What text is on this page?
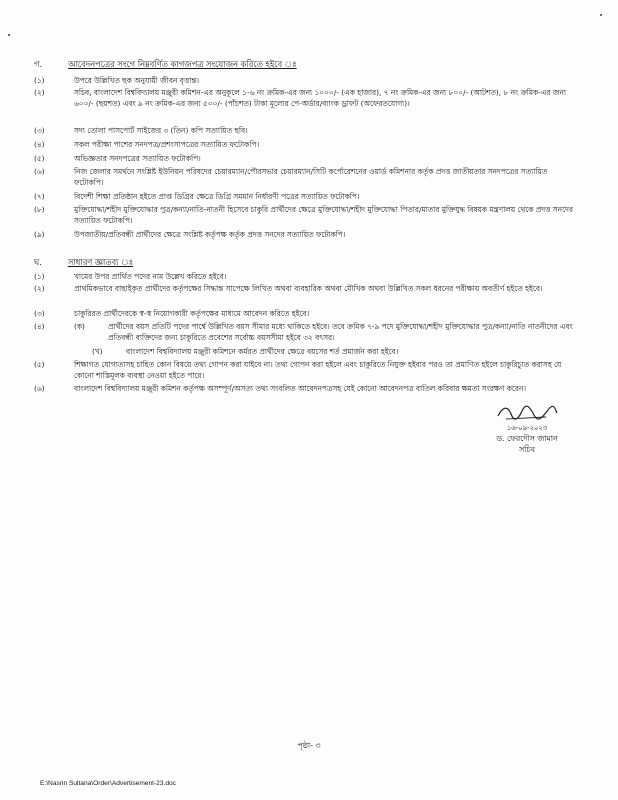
গ.	আবেদনপত্রের সংগে নিম্নবর্ণিত কাগজপত্র সংযোজন করিতে হইবে ঃ
(১)	উপরে উল্লিখিত ছক অনুযায়ী জীবন বৃত্তান্ত।
(২)	সচিব, বাংলাদেশ বিশ্ববিদ্যালয় মঞ্জুরী কমিশন-এর অনুকূলে ১-৬ নং ক্রমিক-এর জন্য ১০০০/- (এক হাজার), ৭ নং ক্রমিক-এর জন্য ৮০০/- (আটশত), ৮ নং ক্রমিক-এর জন্য ৬০০/- (ছয়শত) এবং ৯ নং ক্রমিক-এর জন্য ৫০০/- (পাঁচশত) টাকা মূল্যের পে-অর্ডার/ব্যাংক ড্রাফট (অফেরতযোগ্য)।
(৩)	সদ্য তোলা পাসপোর্ট সাইজের ৩ (তিন) কপি সত্যায়িত ছবি।
(৪)	সকল পরীক্ষা পাশের সনদপত্র/প্রশংসাপত্রের সত্যায়িত ফটোকপি।
(৫)	অভিজ্ঞতার সনদপত্রের সত্যায়িত ফটোকপি।
(৬)	নিজ জেলার সমর্থনে সংশ্লিষ্ট ইউনিয়ন পরিষদের চেয়ারম্যান/পৌরসভার চেয়ারম্যান/সিটি কর্পোরেশনের ওয়ার্ড কমিশনার কর্তৃক প্রদত্ত জাতীয়তার সনদপত্রের সত্যায়িত ফটোকপি।
(৭)	বিদেশী শিক্ষা প্রতিষ্ঠান হইতে প্রাপ্ত ডিগ্রির ক্ষেত্রে ডিগ্রি সমমান নির্ধারণী পত্রের সত্যায়িত ফটোকপি।
(৮)	মুক্তিযোদ্ধা/শহীদ মুক্তিযোদ্ধার পুত্র/কন্যা/নাতি-নাতনী হিসেবে চাকুরি প্রার্থীদের ক্ষেত্রে মুক্তিযোদ্ধা/শহীদ মুক্তিযোদ্ধা পিতার/মাতার মুক্তিযুদ্ধ বিষয়ক মন্ত্রণালয় থেকে প্রদত্ত সনদের সত্যায়িত ফটোকপি।
(৯)	উপজাতীয়/প্রতিবন্ধী প্রার্থীদের ক্ষেত্রে সংশ্লিষ্ট কর্তৃপক্ষ কর্তৃক প্রদত্ত সনদের সত্যায়িত ফটোকপি।
ঘ.	সাধারণ জ্ঞাতব্য ঃ
(১)	খামের উপর প্রার্থিত পদের নাম উল্লেখ করিতে হইবে।
(২)	প্রাথমিকভাবে বাছাইকৃত প্রার্থীদের কর্তৃপক্ষের সিদ্ধান্ত সাপেক্ষে লিখিত অথবা ব্যবহারিক অথবা মৌখিক অথবা উল্লিখিত সকল ধরনের পরীক্ষায় অবতীর্ণ হইতে হইবে।
(৩)	চাকুরিরত প্রার্থীদেরকে স্ব-স্ব নিয়োগকারী কর্তৃপক্ষের মাধ্যমে আবেদন করিতে হইবে।
(৪)	(ক)	প্রার্থীদের বয়স প্রতিটি পদের পার্শ্বে উল্লিখিত বয়স সীমার মধ্যে থাকিতে হইবে। তবে ক্রমিক ৭-৯ পদে মুক্তিযোদ্ধা/শহীদ মুক্তিযোদ্ধার পুত্র/কন্যা/নাতি নাতনীদের এবং প্রতিবন্ধী ব্যক্তিদের জন্য চাকুরিতে প্রবেশের সর্বোচ্চ বয়সসীমা হইবে ৩২ বৎসর।
(খ)	বাংলাদেশ বিশ্ববিদ্যালয় মঞ্জুরী কমিশনে কর্মরত প্রার্থীদের ক্ষেত্রে বয়সের শর্ত প্রমার্জন করা হইবে।
(৫)	শিক্ষাগত যোগ্যতাসহ চাহিত কোন বিষয়ে তথ্য গোপন করা যাইবে না। তথ্য গোপন করা হইলে এবং চাকুরিতে নিযুক্ত হইবার পরও তা প্রমাণিত হইলে চাকুরিচ্যুত করাসহ যে কোনো শাস্তিমূলক ব্যবস্থা নেওয়া হইতে পারে।
(৬)	বাংলাদেশ বিশ্ববিদ্যালয় মঞ্জুরী কমিশন কর্তৃপক্ষ অসম্পূর্ণ/অসত্য তথ্য সংবলিত আবেদনপত্রসহ যেই কোনো আবেদনপত্র বাতিল করিবার ক্ষমতা সংরক্ষণ করেন।
১৬-০৯-২০২৩
ড. ফেরদৌস জামান
সচিব
পৃষ্ঠা- ৩
E:\Nasrin Sultana\Order\Advertisement-23.doc
